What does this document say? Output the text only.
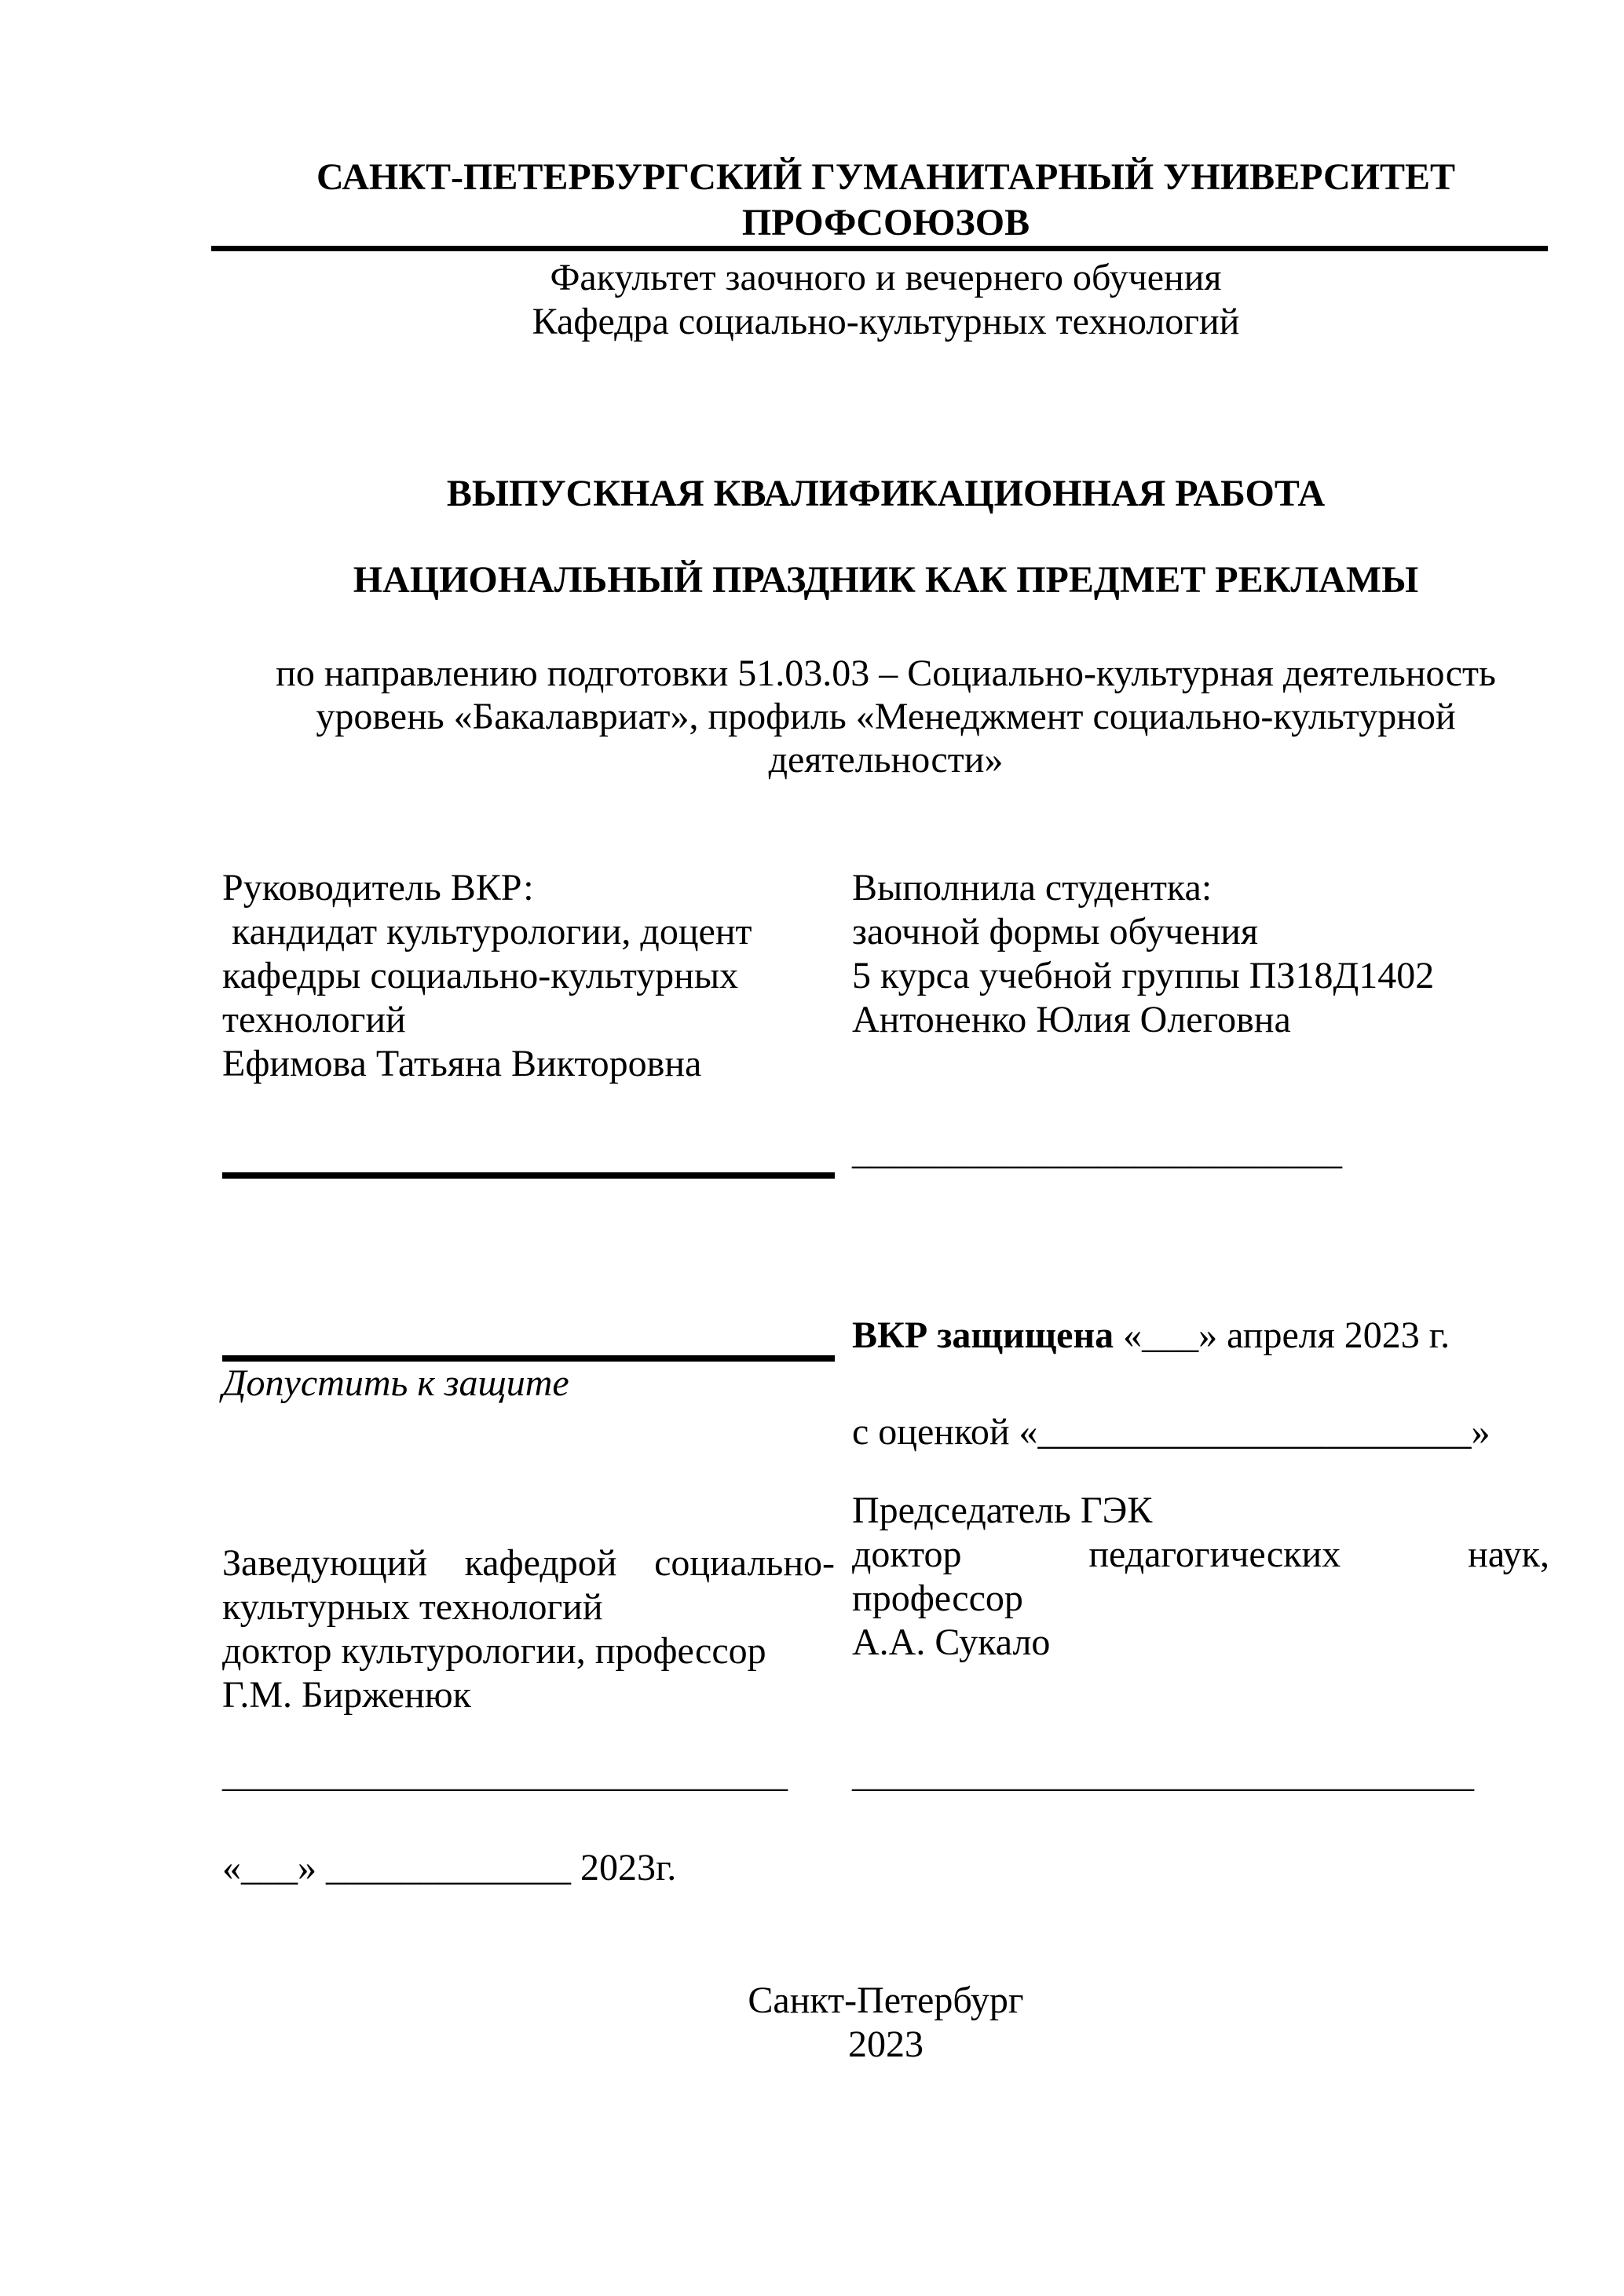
САНКТ-ПЕТЕРБУРГСКИЙ ГУМАНИТАРНЫЙ УНИВЕРСИТЕТ
ПРОФСОЮЗОВ
Факультет заочного и вечернего обучения
Кафедра социально-культурных технологий
ВЫПУСКНАЯ КВАЛИФИКАЦИОННАЯ РАБОТА
НАЦИОНАЛЬНЫЙ ПРАЗДНИК КАК ПРЕДМЕТ РЕКЛАМЫ
по направлению подготовки 51.03.03 – Социально-культурная деятельность
уровень «Бакалавриат», профиль «Менеджмент социально-культурной
деятельности»
Руководитель ВКР:
кандидат культурологии, доцент
кафедры социально-культурных
технологий
Ефимова Татьяна Викторовна
Выполнила студентка:
заочной формы обучения
5 курса учебной группы ПЗ18Д1402
Антоненко Юлия Олеговна
__________________________
Допустить к защите
Заведующий кафедрой социально-
культурных технологий
доктор культурологии, профессор
Г.М. Бирженюк
ВКР защищена «___» апреля 2023 г.
с оценкой «_______________________»
Председатель ГЭК
доктор педагогических наук,
профессор
А.А. Сукало
______________________________	_________________________________
«___» _____________ 2023г.
Санкт-Петербург
2023
